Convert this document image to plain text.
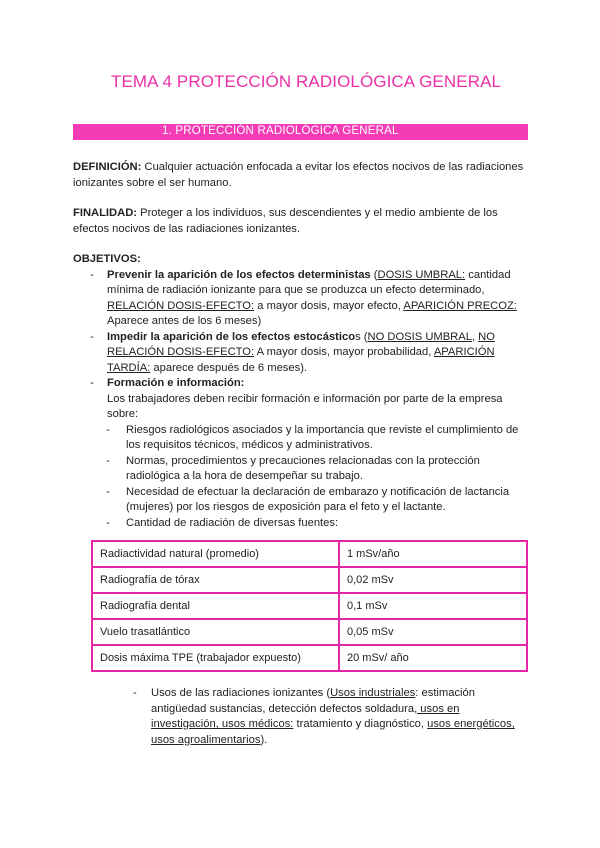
TEMA 4 PROTECCIÓN RADIOLÓGICA GENERAL
1. PROTECCIÓN RADIOLÓGICA GENERAL
DEFINICIÓN: Cualquier actuación enfocada a evitar los efectos nocivos de las radiaciones ionizantes sobre el ser humano.
FINALIDAD: Proteger a los individuos, sus descendientes y el medio ambiente de los efectos nocivos de las radiaciones ionizantes.
OBJETIVOS:
- Prevenir la aparición de los efectos deterministas (DOSIS UMBRAL: cantidad mínima de radiación ionizante para que se produzca un efecto determinado, RELACIÓN DOSIS-EFECTO: a mayor dosis, mayor efecto, APARICIÓN PRECOZ: Aparece antes de los 6 meses)
- Impedir la aparición de los efectos estocásticos (NO DOSIS UMBRAL, NO RELACIÓN DOSIS-EFECTO: A mayor dosis, mayor probabilidad, APARICIÓN TARDÍA: aparece después de 6 meses).
- Formación e información:
Los trabajadores deben recibir formación e información por parte de la empresa sobre:
- Riesgos radiológicos asociados y la importancia que reviste el cumplimiento de los requisitos técnicos, médicos y administrativos.
- Normas, procedimientos y precauciones relacionadas con la protección radiológica a la hora de desempeñar su trabajo.
- Necesidad de efectuar la declaración de embarazo y notificación de lactancia (mujeres) por los riesgos de exposición para el feto y el lactante.
- Cantidad de radiación de diversas fuentes:
Radiactividad natural (promedio)	1 mSv/año
Radiografía de tórax	0,02 mSv
Radiografía dental	0,1 mSv
Vuelo trasatlántico	0,05 mSv
Dosis máxima TPE (trabajador expuesto)	20 mSv/ año
- Usos de las radiaciones ionizantes (Usos industriales: estimación antigüedad sustancias, detección defectos soldadura, usos en investigación, usos médicos: tratamiento y diagnóstico, usos energéticos, usos agroalimentarios).
